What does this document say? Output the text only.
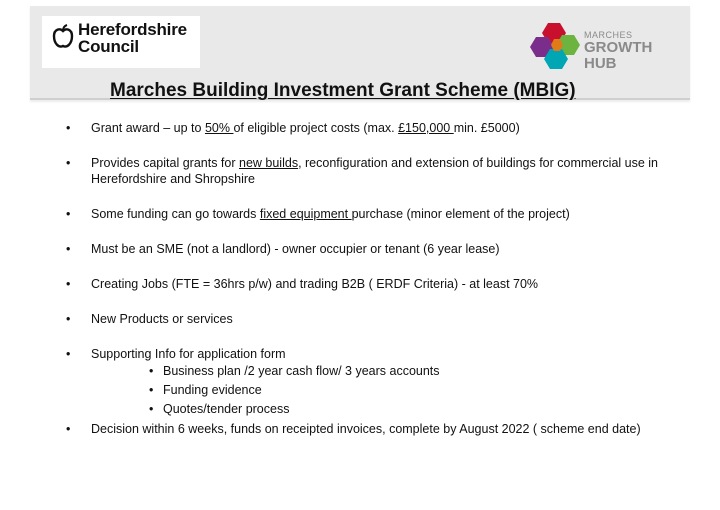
Herefordshire
Council
MARCHES
GROWTH
HUB
Marches Building Investment Grant Scheme (MBIG)
• Grant award – up to 50% of eligible project costs (max. £150,000 min. £5000)
• Provides capital grants for new builds, reconfiguration and extension of buildings for commercial use in Herefordshire and Shropshire
• Some funding can go towards fixed equipment purchase (minor element of the project)
• Must be an SME (not a landlord) - owner occupier or tenant (6 year lease)
• Creating Jobs (FTE = 36hrs p/w) and trading B2B ( ERDF Criteria) - at least 70%
• New Products or services
• Supporting Info for application form
• Business plan /2 year cash flow/ 3 years accounts
• Funding evidence
• Quotes/tender process
• Decision within 6 weeks, funds on receipted invoices, complete by August 2022 ( scheme end date)
